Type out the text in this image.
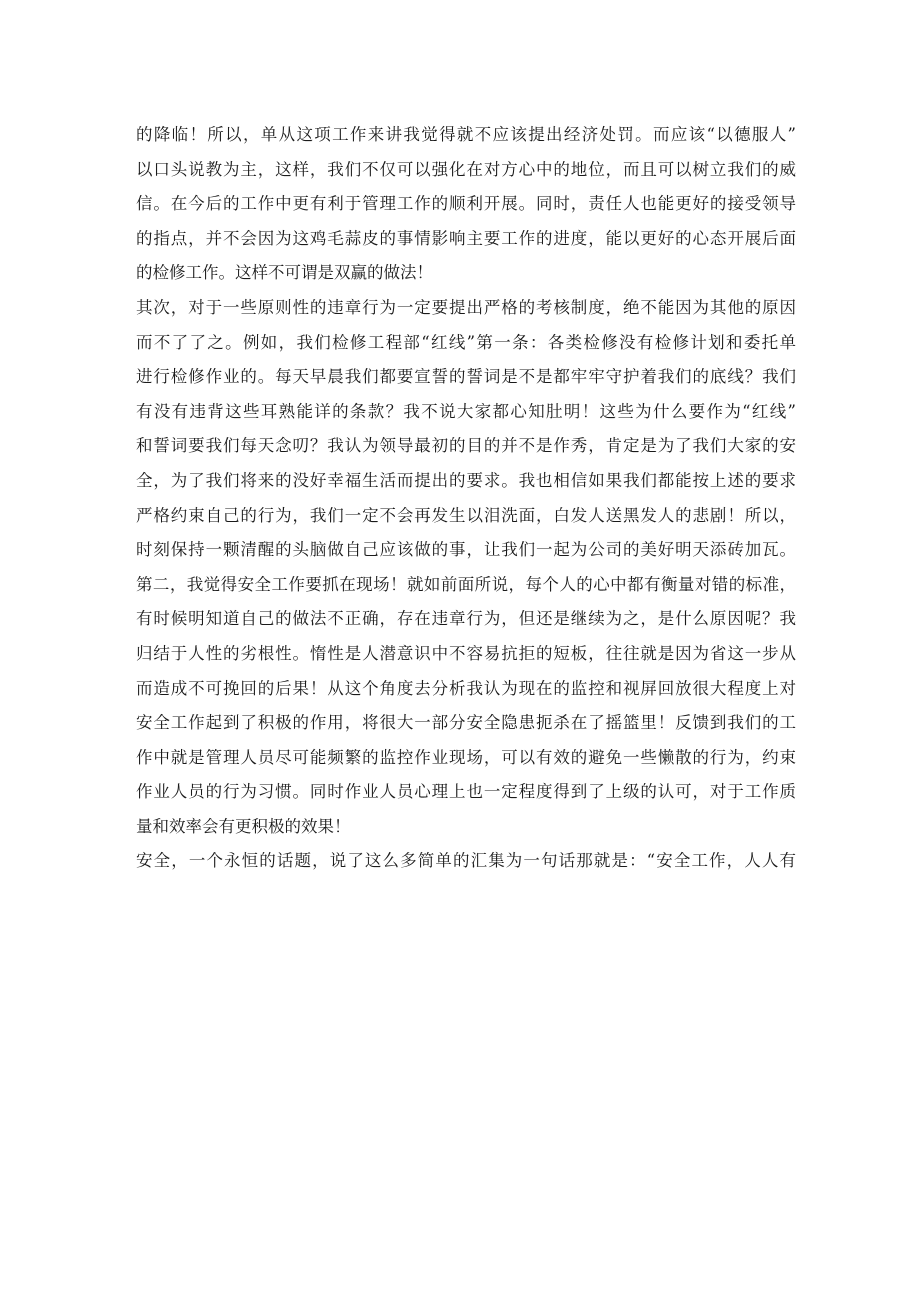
的降临！所以，单从这项工作来讲我觉得就不应该提出经济处罚。而应该“以德服人”
以口头说教为主，这样，我们不仅可以强化在对方心中的地位，而且可以树立我们的威
信。在今后的工作中更有利于管理工作的顺利开展。同时，责任人也能更好的接受领导
的指点，并不会因为这鸡毛蒜皮的事情影响主要工作的进度，能以更好的心态开展后面
的检修工作。这样不可谓是双赢的做法！
其次，对于一些原则性的违章行为一定要提出严格的考核制度，绝不能因为其他的原因
而不了了之。例如，我们检修工程部“红线”第一条：各类检修没有检修计划和委托单
进行检修作业的。每天早晨我们都要宣誓的誓词是不是都牢牢守护着我们的底线？我们
有没有违背这些耳熟能详的条款？我不说大家都心知肚明！这些为什么要作为“红线”
和誓词要我们每天念叨？我认为领导最初的目的并不是作秀，肯定是为了我们大家的安
全，为了我们将来的没好幸福生活而提出的要求。我也相信如果我们都能按上述的要求
严格约束自己的行为，我们一定不会再发生以泪洗面，白发人送黑发人的悲剧！所以，
时刻保持一颗清醒的头脑做自己应该做的事，让我们一起为公司的美好明天添砖加瓦。
第二，我觉得安全工作要抓在现场！就如前面所说，每个人的心中都有衡量对错的标准，
有时候明知道自己的做法不正确，存在违章行为，但还是继续为之，是什么原因呢？我
归结于人性的劣根性。惰性是人潜意识中不容易抗拒的短板，往往就是因为省这一步从
而造成不可挽回的后果！从这个角度去分析我认为现在的监控和视屏回放很大程度上对
安全工作起到了积极的作用，将很大一部分安全隐患扼杀在了摇篮里！反馈到我们的工
作中就是管理人员尽可能频繁的监控作业现场，可以有效的避免一些懒散的行为，约束
作业人员的行为习惯。同时作业人员心理上也一定程度得到了上级的认可，对于工作质
量和效率会有更积极的效果！
安全，一个永恒的话题，说了这么多简单的汇集为一句话那就是：“安全工作，人人有
